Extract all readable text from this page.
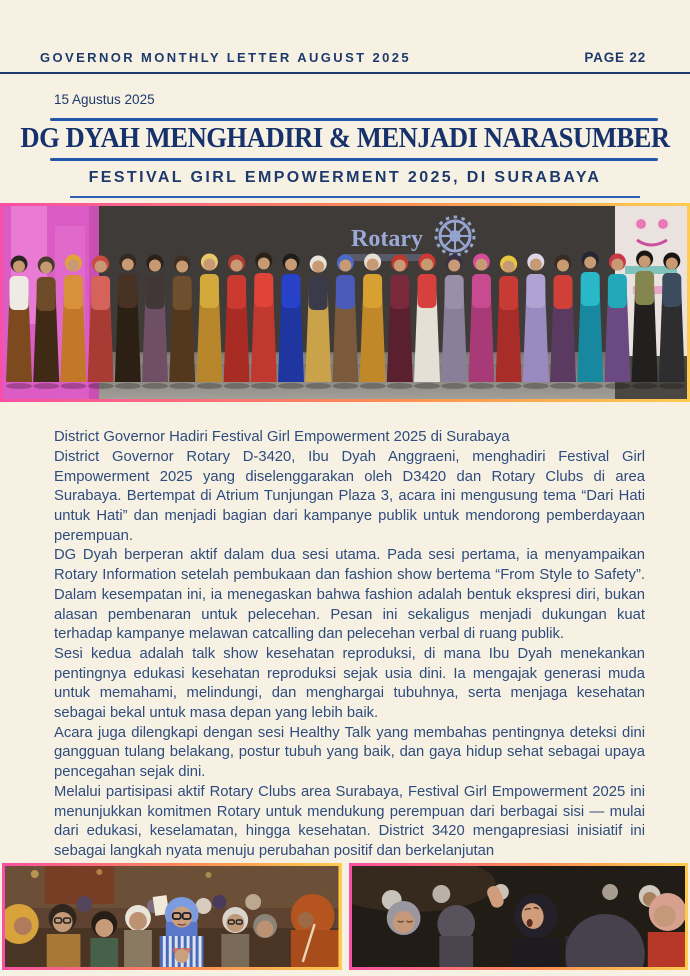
GOVERNOR MONTHLY LETTER AUGUST 2025	PAGE 22
15 Agustus 2025
DG DYAH MENGHADIRI & MENJADI NARASUMBER
FESTIVAL GIRL EMPOWERMENT 2025, DI SURABAYA
Rotary

District Governor Hadiri Festival Girl Empowerment 2025 di Surabaya

District Governor Rotary D-3420, Ibu Dyah Anggraeni, menghadiri Festival Girl Empowerment 2025 yang diselenggarakan oleh D3420 dan Rotary Clubs di area Surabaya. Bertempat di Atrium Tunjungan Plaza 3, acara ini mengusung tema “Dari Hati untuk Hati” dan menjadi bagian dari kampanye publik untuk mendorong pemberdayaan perempuan.

DG Dyah berperan aktif dalam dua sesi utama. Pada sesi pertama, ia menyampaikan Rotary Information setelah pembukaan dan fashion show bertema “From Style to Safety”. Dalam kesempatan ini, ia menegaskan bahwa fashion adalah bentuk ekspresi diri, bukan alasan pembenaran untuk pelecehan. Pesan ini sekaligus menjadi dukungan kuat terhadap kampanye melawan catcalling dan pelecehan verbal di ruang publik.

Sesi kedua adalah talk show kesehatan reproduksi, di mana Ibu Dyah menekankan pentingnya edukasi kesehatan reproduksi sejak usia dini. Ia mengajak generasi muda untuk memahami, melindungi, dan menghargai tubuhnya, serta menjaga kesehatan sebagai bekal untuk masa depan yang lebih baik.

Acara juga dilengkapi dengan sesi Healthy Talk yang membahas pentingnya deteksi dini gangguan tulang belakang, postur tubuh yang baik, dan gaya hidup sehat sebagai upaya pencegahan sejak dini.

Melalui partisipasi aktif Rotary Clubs area Surabaya, Festival Girl Empowerment 2025 ini menunjukkan komitmen Rotary untuk mendukung perempuan dari berbagai sisi — mulai dari edukasi, keselamatan, hingga kesehatan. District 3420 mengapresiasi inisiatif ini sebagai langkah nyata menuju perubahan positif dan berkelanjutan
